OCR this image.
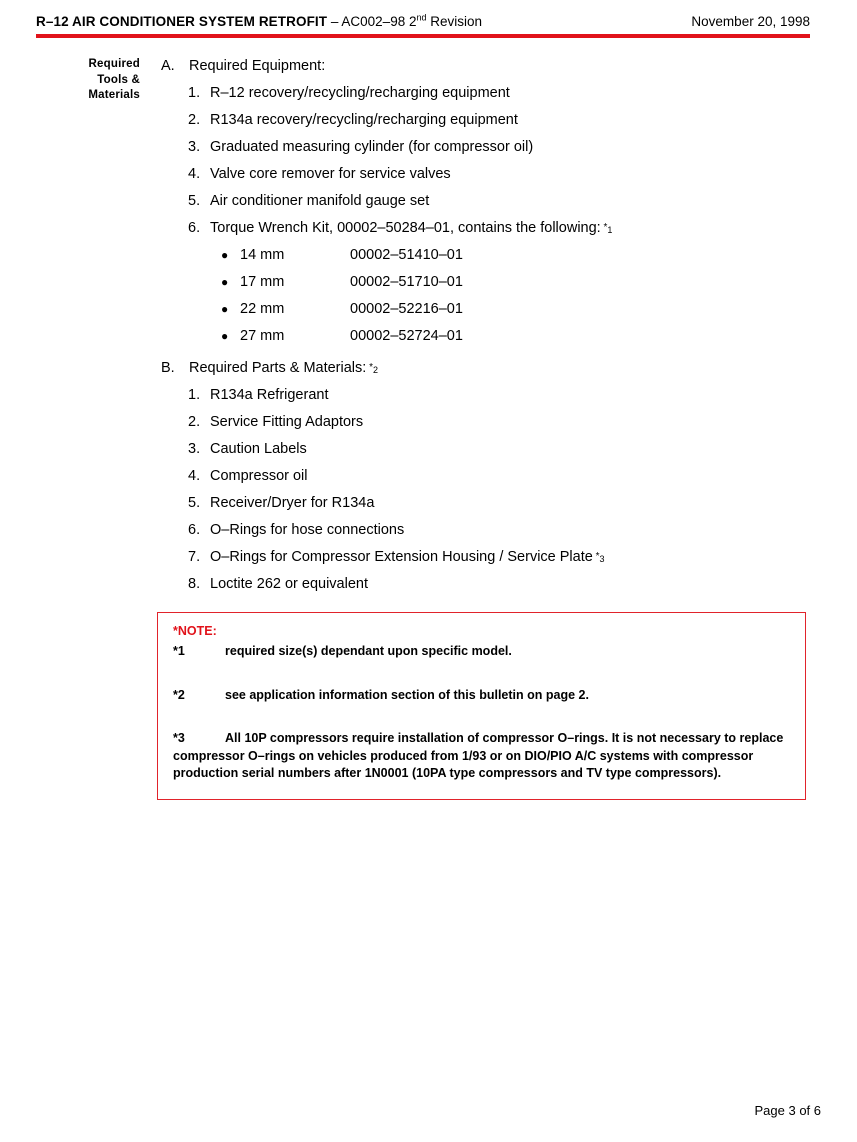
R–12 AIR CONDITIONER SYSTEM RETROFIT – AC002–98 2nd Revision	November 20, 1998
Required
Tools &
Materials
A. Required Equipment:
1. R–12 recovery/recycling/recharging equipment
2. R134a recovery/recycling/recharging equipment
3. Graduated measuring cylinder (for compressor oil)
4. Valve core remover for service valves
5. Air conditioner manifold gauge set
6. Torque Wrench Kit, 00002–50284–01, contains the following: *1
● 14 mm	00002–51410–01
● 17 mm	00002–51710–01
● 22 mm	00002–52216–01
● 27 mm	00002–52724–01
B. Required Parts & Materials: *2
1. R134a Refrigerant
2. Service Fitting Adaptors
3. Caution Labels
4. Compressor oil
5. Receiver/Dryer for R134a
6. O–Rings for hose connections
7. O–Rings for Compressor Extension Housing / Service Plate *3
8. Loctite 262 or equivalent
*NOTE:
*1	required size(s) dependant upon specific model.
*2	see application information section of this bulletin on page 2.
*3	All 10P compressors require installation of compressor O–rings. It is not necessary to replace compressor O–rings on vehicles produced from 1/93 or on DIO/PIO A/C systems with compressor production serial numbers after 1N0001 (10PA type compressors and TV type compressors).
Page 3 of 6
